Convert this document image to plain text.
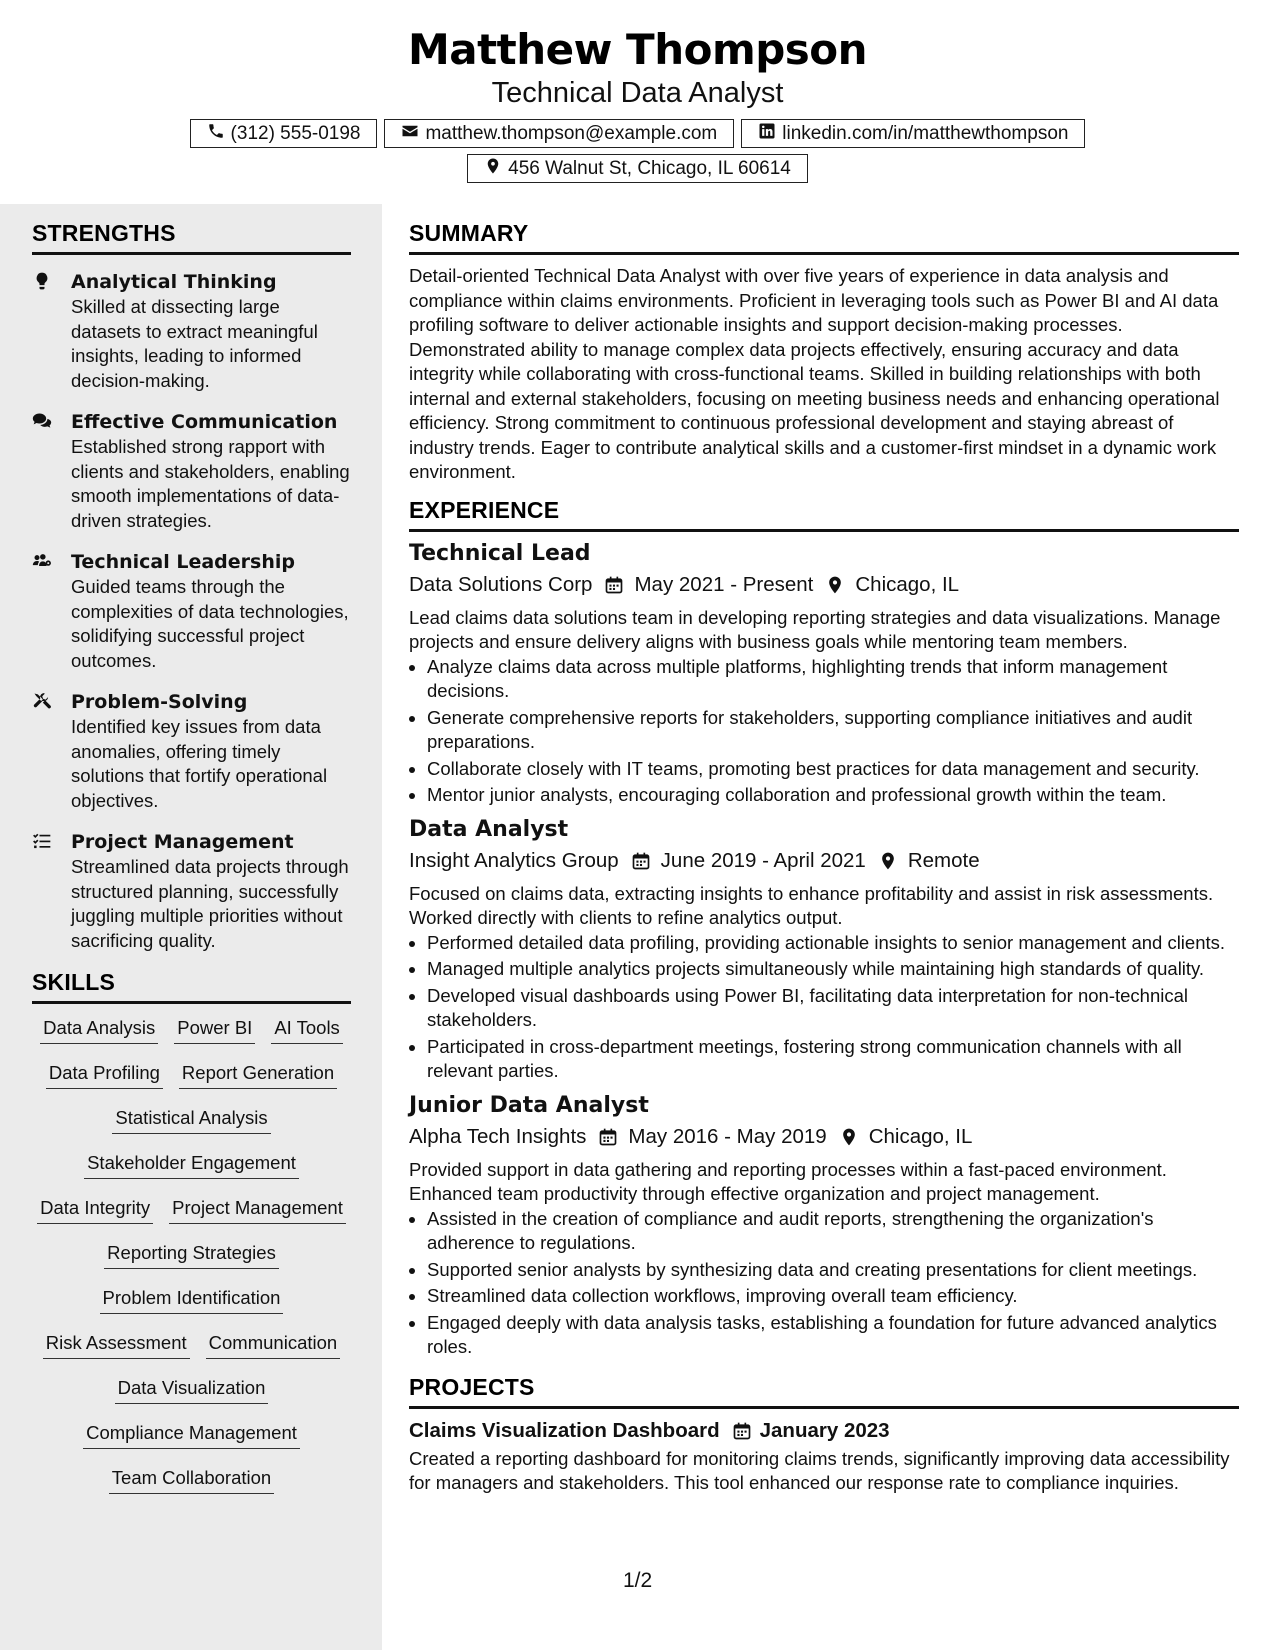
Matthew Thompson
Technical Data Analyst
(312) 555-0198	matthew.thompson@example.com	linkedin.com/in/matthewthompson
456 Walnut St, Chicago, IL 60614
STRENGTHS
Analytical Thinking
Skilled at dissecting large datasets to extract meaningful insights, leading to informed decision-making.
Effective Communication
Established strong rapport with clients and stakeholders, enabling smooth implementations of data-driven strategies.
Technical Leadership
Guided teams through the complexities of data technologies, solidifying successful project outcomes.
Problem-Solving
Identified key issues from data anomalies, offering timely solutions that fortify operational objectives.
Project Management
Streamlined data projects through structured planning, successfully juggling multiple priorities without sacrificing quality.
SKILLS
Data Analysis Power BI AI Tools
Data Profiling Report Generation
Statistical Analysis
Stakeholder Engagement
Data Integrity Project Management
Reporting Strategies
Problem Identification
Risk Assessment Communication
Data Visualization
Compliance Management
Team Collaboration
SUMMARY
Detail-oriented Technical Data Analyst with over five years of experience in data analysis and compliance within claims environments. Proficient in leveraging tools such as Power BI and AI data profiling software to deliver actionable insights and support decision-making processes. Demonstrated ability to manage complex data projects effectively, ensuring accuracy and data integrity while collaborating with cross-functional teams. Skilled in building relationships with both internal and external stakeholders, focusing on meeting business needs and enhancing operational efficiency. Strong commitment to continuous professional development and staying abreast of industry trends. Eager to contribute analytical skills and a customer-first mindset in a dynamic work environment.
EXPERIENCE
Technical Lead
Data Solutions Corp May 2021 - Present Chicago, IL
Lead claims data solutions team in developing reporting strategies and data visualizations. Manage projects and ensure delivery aligns with business goals while mentoring team members.
• Analyze claims data across multiple platforms, highlighting trends that inform management decisions.
• Generate comprehensive reports for stakeholders, supporting compliance initiatives and audit preparations.
• Collaborate closely with IT teams, promoting best practices for data management and security.
• Mentor junior analysts, encouraging collaboration and professional growth within the team.
Data Analyst
Insight Analytics Group June 2019 - April 2021 Remote
Focused on claims data, extracting insights to enhance profitability and assist in risk assessments. Worked directly with clients to refine analytics output.
• Performed detailed data profiling, providing actionable insights to senior management and clients.
• Managed multiple analytics projects simultaneously while maintaining high standards of quality.
• Developed visual dashboards using Power BI, facilitating data interpretation for non-technical stakeholders.
• Participated in cross-department meetings, fostering strong communication channels with all relevant parties.
Junior Data Analyst
Alpha Tech Insights May 2016 - May 2019 Chicago, IL
Provided support in data gathering and reporting processes within a fast-paced environment. Enhanced team productivity through effective organization and project management.
• Assisted in the creation of compliance and audit reports, strengthening the organization's adherence to regulations.
• Supported senior analysts by synthesizing data and creating presentations for client meetings.
• Streamlined data collection workflows, improving overall team efficiency.
• Engaged deeply with data analysis tasks, establishing a foundation for future advanced analytics roles.
PROJECTS
Claims Visualization Dashboard January 2023
Created a reporting dashboard for monitoring claims trends, significantly improving data accessibility for managers and stakeholders. This tool enhanced our response rate to compliance inquiries.
1/2
